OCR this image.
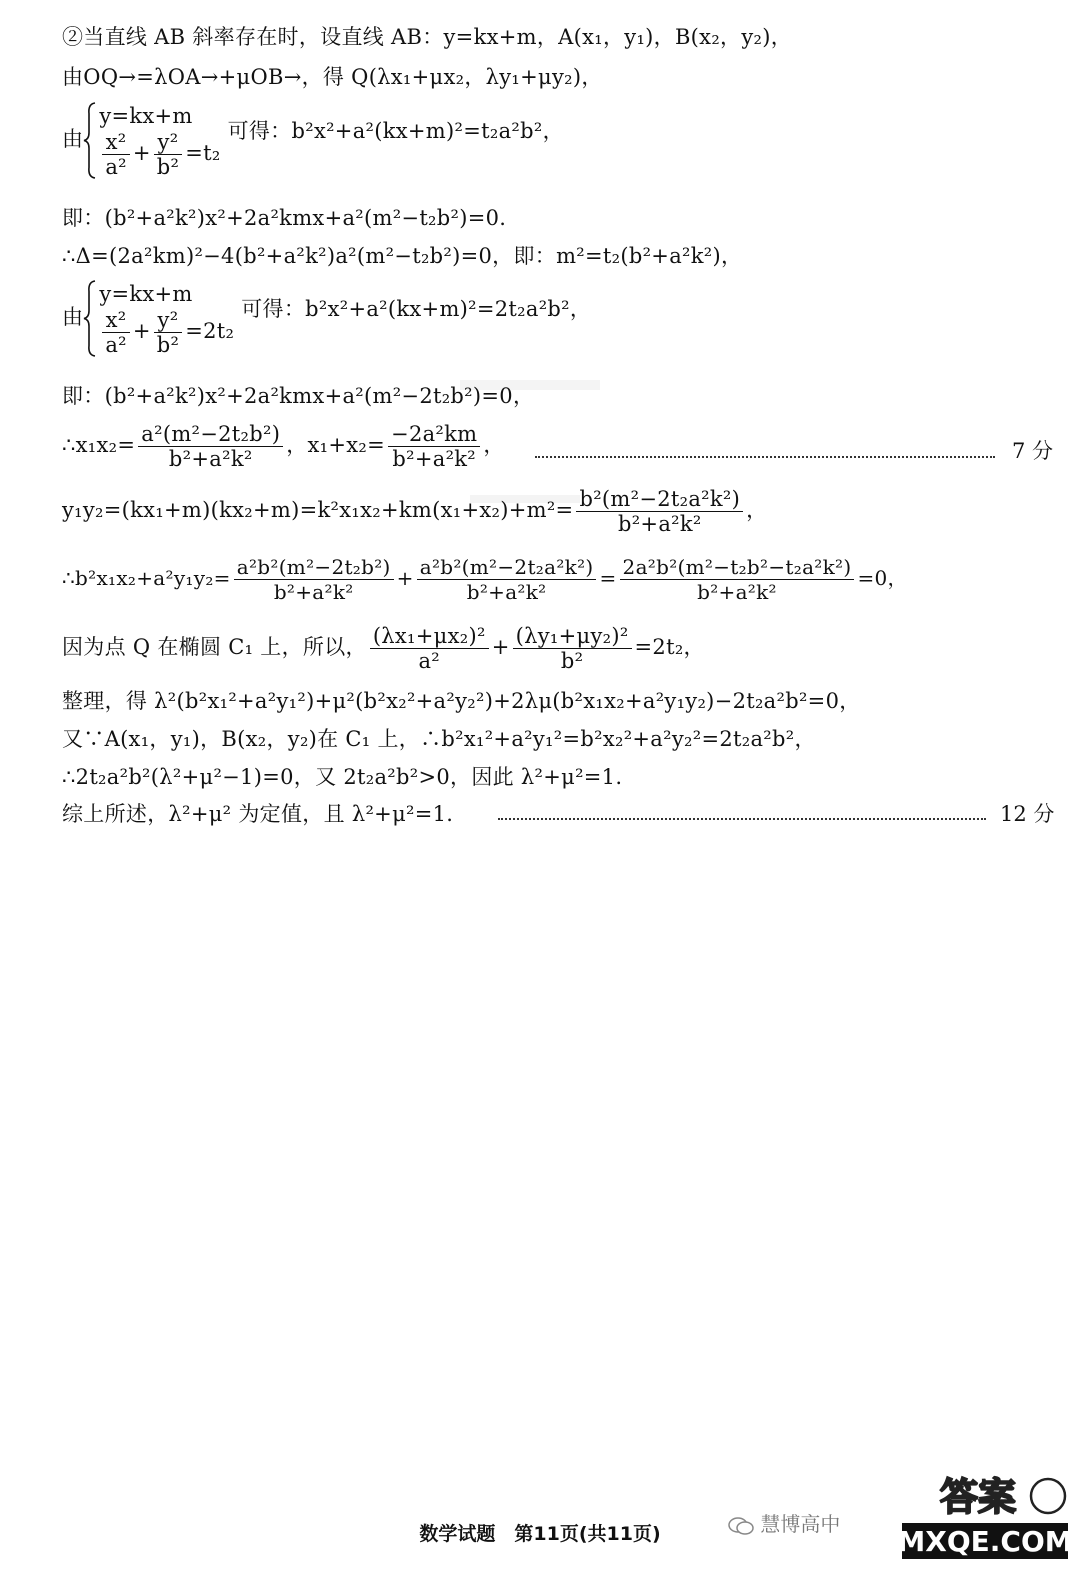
②当直线 AB 斜率存在时，设直线 AB：y=kx+m，A(x₁，y₁)，B(x₂，y₂)，
由OQ→=λOA→+μOB→，得 Q(λx₁+μx₂，λy₁+μy₂)，
由
y=kx+m
$\frac{\text{x²}}{\text{a²}} + \frac{\text{y²}}{\text{b²}} =t_2$
可得：b²x²+a²(kx+m)²=t₂a²b²，
即：(b²+a²k²)x²+2a²kmx+a²(m²−t₂b²)=0.
∴Δ=(2a²km)²−4(b²+a²k²)a²(m²−t₂b²)=0，即：m²=t₂(b²+a²k²)，
由
y=kx+m
$\frac{\text{x²}}{\text{a²}} + \frac{\text{y²}}{\text{b²}} =2t_2$
可得：b²x²+a²(kx+m)²=2t₂a²b²，
即：(b²+a²k²)x²+2a²kmx+a²(m²−2t₂b²)=0，
∴x₁x₂= $\frac{\text{a²(m²−2t₂b²)}}{\text{b²+a²k²}}$ ，$x_1+x_2= \frac{\text{−2a²km}}{\text{b²+a²k²}}$ ，	7 分
$y_1y_2=(kx_1+m)(kx_2+m)=k^2x_1x_2+km(x_1+x_2)+m^2= \frac{\text{b²(m²−2t₂a²k²)}}{\text{b²+a²k²}}$ ，
∴b²x₁x₂+a²y₁y₂= $\frac{\text{a²b²(m²−2t₂b²)}}{\text{b²+a²k²}} + \frac{\text{a²b²(m²−2t₂a²k²)}}{\text{b²+a²k²}} = \frac{\text{2a²b²(m²−t₂b²−t₂a²k²)}}{\text{b²+a²k²}} =0$，
因为点 Q 在椭圆 C₁ 上，所以， $\frac{\text{(λx₁+μx₂)²}}{\text{a²}} + \frac{\text{(λy₁+μy₂)²}}{\text{b²}} =2t_2$，
整理，得 λ²(b²x₁²+a²y₁²)+μ²(b²x₂²+a²y₂²)+2λμ(b²x₁x₂+a²y₁y₂)−2t₂a²b²=0，
又∵A(x₁，y₁)，B(x₂，y₂)在 C₁ 上，∴b²x₁²+a²y₁²=b²x₂²+a²y₂²=2t₂a²b²，
∴2t₂a²b²(λ²+μ²−1)=0，又 2t₂a²b²>0，因此 λ²+μ²=1.
综上所述，λ²+μ² 为定值，且 λ²+μ²=1.	12 分
数学试题　第11页(共11页)	慧博高中
答案
MXQE.COM
